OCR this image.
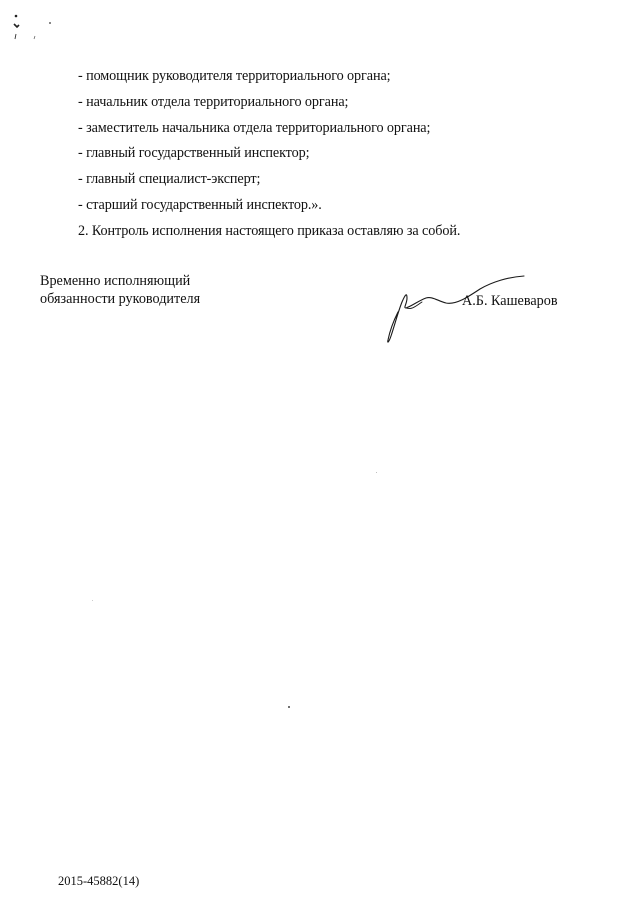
- помощник руководителя территориального органа;
- начальник отдела территориального органа;
- заместитель начальника отдела территориального органа;
- главный государственный инспектор;
- главный специалист-эксперт;
- старший государственный инспектор.».
2. Контроль исполнения настоящего приказа оставляю за собой.
Временно исполняющий
обязанности руководителя	А.Б. Кашеваров
2015-45882(14)
